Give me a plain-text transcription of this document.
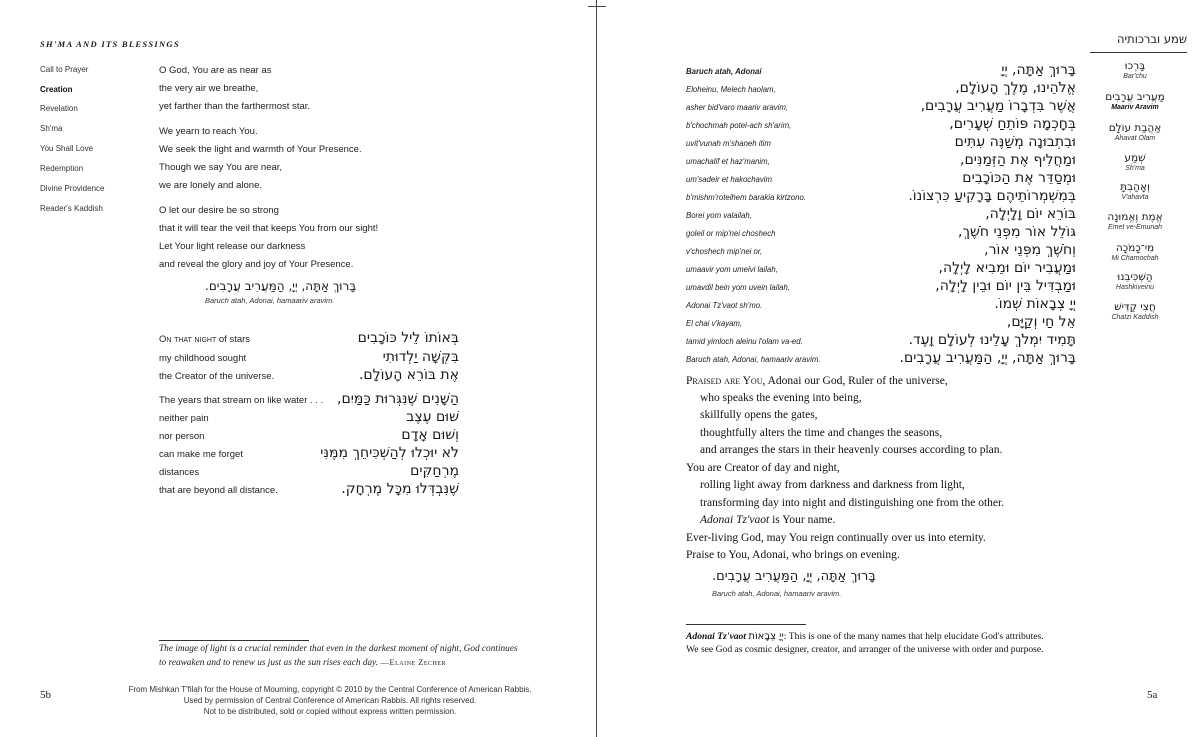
SH'MA AND ITS BLESSINGS
Call to Prayer
Creation
Revelation
Sh'ma
You Shall Love
Redemption
Divine Providence
Reader's Kaddish
O God, You are as near as
the very air we breathe,
yet farther than the farthermost star.
We yearn to reach You.
We seek the light and warmth of Your Presence.
Though we say You are near,
we are lonely and alone.
O let our desire be so strong
that it will tear the veil that keeps You from our sight!
Let Your light release our darkness
and reveal the glory and joy of Your Presence.
בָּרוּךְ אַתָּה, יְיָ, הַמַּעֲרִיב עֲרָבִים.
Baruch atah, Adonai, hamaariv aravim.
On that night of stars	בְּאוֹתוֹ לֵיל כּוֹכָבִים
my childhood sought	בִּקְּשָׁה יַלְדוּתִי
the Creator of the universe.	אֶת בּוֹרֵא הָעוֹלָם.
The years that stream on like water . . . הַשָּׁנִים שֶׁנִּגְּרוּת כַּמַּיִם,
neither pain	שׁוּם עֶצֶב
nor person	וְשׁוּם אָדָם
can make me forget	לֹא יוּכְלוּ לְהַשְׁכִּיחֵךְ מִמֶּנִּי
distances	מֶרְחַקִּים
that are beyond all distance.	שֶׁנִּבְדְּלוּ מִכָּל מֶרְחָק.
The image of light is a crucial reminder that even in the darkest moment of night, God continues to reawaken and to renew us just as the sun rises each day. —Elaine Zecher
5b	From Mishkan T'filah for the House of Mourning, copyright © 2010 by the Central Conference of American Rabbis.
Used by permission of Central Conference of American Rabbis. All rights reserved.
Not to be distributed, sold or copied without express written permission.
שמע וברכותיה
בָּרְכוּ
Bar'chu
מַעֲרִיב עֲרָבִים
Maariv Aravim
אַהֲבַת עוֹלָם
Ahavat Olam
שְׁמַע
Sh'ma
וְאָהַבְתָּ
V'ahavta
אֱמֶת וֶאֱמוּנָה
Emet ve-Emunah
מִי־כָמֹכָה
Mi Chamochah
הַשְׁכִּיבֵנוּ
Hashkiveinu
חֲצִי קַדִּישׁ
Chatzi Kaddish
Baruch atah, Adonai	בָּרוּךְ אַתָּה, יְיָ
Eloheinu, Melech haolam,	אֱלֹהֵינוּ, מֶלֶךְ הָעוֹלָם,
asher bid'varo maariv aravim,	אֲשֶׁר בִּדְבָרוֹ מַעֲרִיב עֲרָבִים,
b'chochmah potei-ach sh'arim,	בְּחָכְמָה פּוֹתֵחַ שְׁעָרִים,
uvit'vunah m'shaneh itim	וּבִתְבוּנָה מְשַׁנֶּה עִתִּים
umachalif et haz'manim,	וּמַחֲלִיף אֶת הַזְּמַנִּים,
um'sadeir et hakochavim	וּמְסַדֵּר אֶת הַכּוֹכָבִים
b'mishm'roteihem barakia kirtzono.	בְּמִשְׁמְרוֹתֵיהֶם בָּרָקִיעַ כִּרְצוֹנוֹ.
Borei yom valailah,	בּוֹרֵא יוֹם וָלָיְלָה,
goleil or mip'nei choshech	גּוֹלֵל אוֹר מִפְּנֵי חֹשֶׁךְ,
v'choshech mip'nei or,	וְחֹשֶׁךְ מִפְּנֵי אוֹר,
umaavir yom umeivi lailah,	וּמַעֲבִיר יוֹם וּמֵבִיא לָיְלָה,
umavdil bein yom uvein lailah,	וּמַבְדִּיל בֵּין יוֹם וּבֵין לָיְלָה,
Adonai Tz'vaot sh'mo.	יְיָ צְבָאוֹת שְׁמוֹ.
El chai v'kayam,	אֵל חַי וְקַיָּם,
tamid yimloch aleinu l'olam va-ed.	תָּמִיד יִמְלֹךְ עָלֵינוּ לְעוֹלָם וָעֶד.
Baruch atah, Adonai, hamaariv aravim.	בָּרוּךְ אַתָּה, יְיָ, הַמַּעֲרִיב עֲרָבִים.
Praised are You, Adonai our God, Ruler of the universe,
who speaks the evening into being,
skillfully opens the gates,
thoughtfully alters the time and changes the seasons,
and arranges the stars in their heavenly courses according to plan.
You are Creator of day and night,
rolling light away from darkness and darkness from light,
transforming day into night and distinguishing one from the other.
Adonai Tz'vaot is Your name.
Ever-living God, may You reign continually over us into eternity.
Praise to You, Adonai, who brings on evening.
בָּרוּךְ אַתָּה, יְיָ, הַמַּעֲרִיב עֲרָבִים.
Baruch atah, Adonai, hamaariv aravim.
Adonai Tz'vaot יְיָ צְבָאוֹת: This is one of the many names that help elucidate God's attributes. We see God as cosmic designer, creator, and arranger of the universe with order and purpose.
5a
